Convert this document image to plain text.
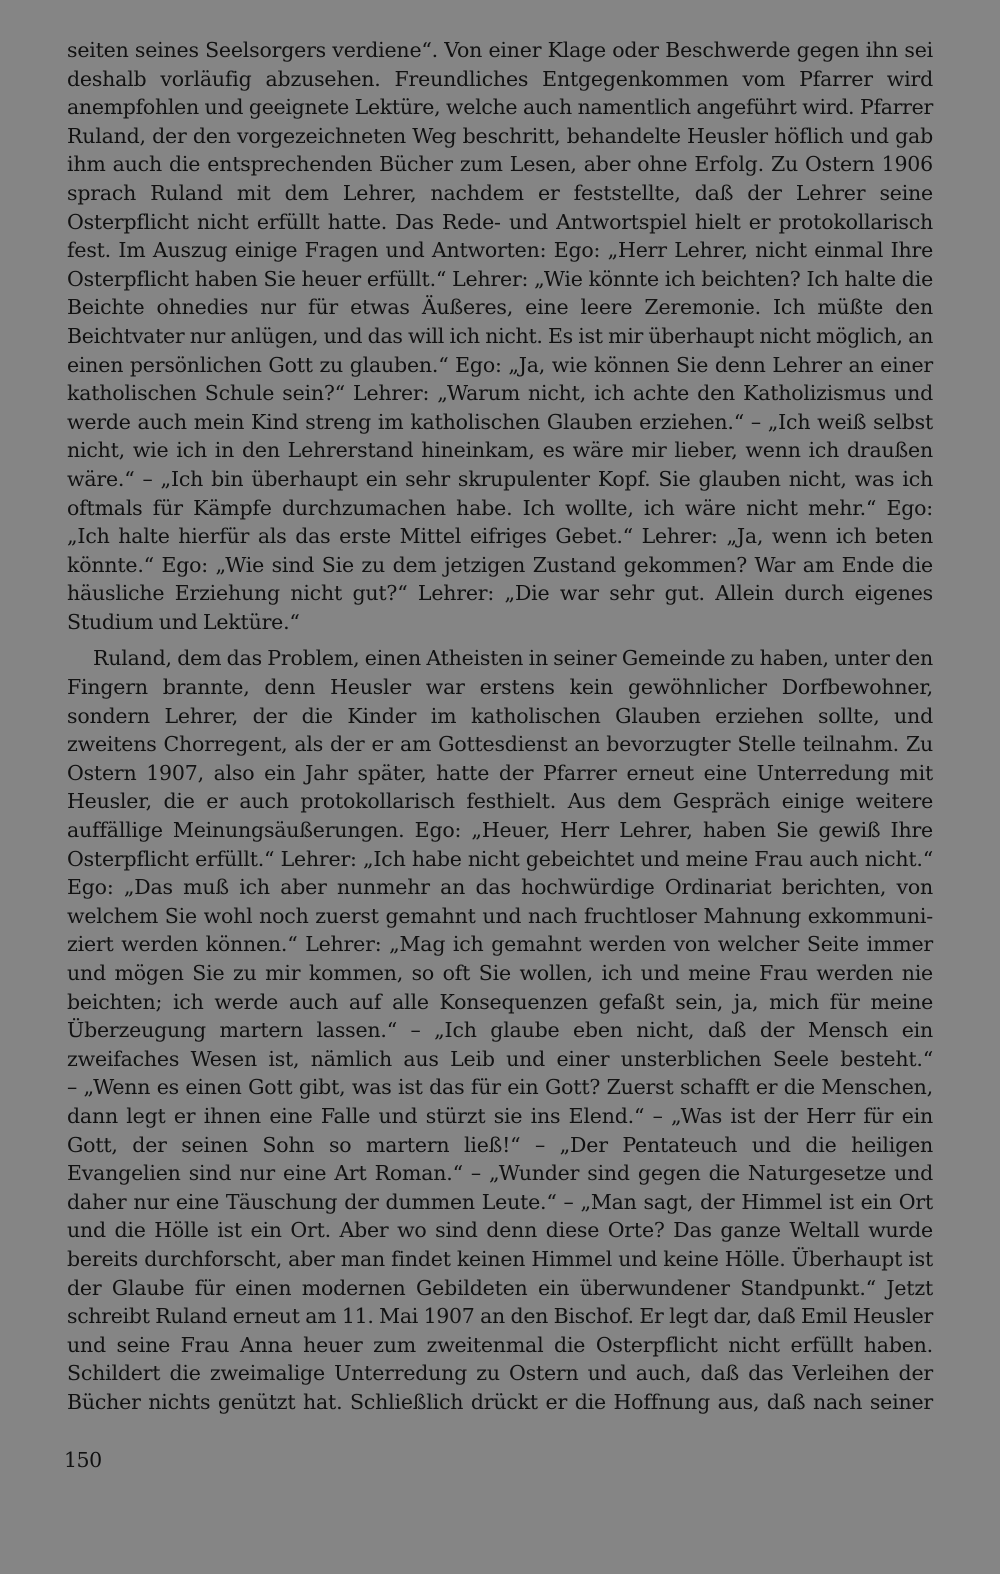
seiten seines Seelsorgers verdiene“. Von einer Klage oder Beschwerde gegen ihn sei
deshalb vorläufig abzusehen. Freundliches Entgegenkommen vom Pfarrer wird
anempfohlen und geeignete Lektüre, welche auch namentlich angeführt wird. Pfarrer
Ruland, der den vorgezeichneten Weg beschritt, behandelte Heusler höflich und gab
ihm auch die entsprechenden Bücher zum Lesen, aber ohne Erfolg. Zu Ostern 1906
sprach Ruland mit dem Lehrer, nachdem er feststellte, daß der Lehrer seine
Osterpflicht nicht erfüllt hatte. Das Rede- und Antwortspiel hielt er protokollarisch
fest. Im Auszug einige Fragen und Antworten: Ego: „Herr Lehrer, nicht einmal Ihre
Osterpflicht haben Sie heuer erfüllt.“ Lehrer: „Wie könnte ich beichten? Ich halte die
Beichte ohnedies nur für etwas Äußeres, eine leere Zeremonie. Ich müßte den
Beichtvater nur anlügen, und das will ich nicht. Es ist mir überhaupt nicht möglich, an
einen persönlichen Gott zu glauben.“ Ego: „Ja, wie können Sie denn Lehrer an einer
katholischen Schule sein?“ Lehrer: „Warum nicht, ich achte den Katholizismus und
werde auch mein Kind streng im katholischen Glauben erziehen.“ – „Ich weiß selbst
nicht, wie ich in den Lehrerstand hineinkam, es wäre mir lieber, wenn ich draußen
wäre.“ – „Ich bin überhaupt ein sehr skrupulenter Kopf. Sie glauben nicht, was ich
oftmals für Kämpfe durchzumachen habe. Ich wollte, ich wäre nicht mehr.“ Ego:
„Ich halte hierfür als das erste Mittel eifriges Gebet.“ Lehrer: „Ja, wenn ich beten
könnte.“ Ego: „Wie sind Sie zu dem jetzigen Zustand gekommen? War am Ende die
häusliche Erziehung nicht gut?“ Lehrer: „Die war sehr gut. Allein durch eigenes
Studium und Lektüre.“
Ruland, dem das Problem, einen Atheisten in seiner Gemeinde zu haben, unter den
Fingern brannte, denn Heusler war erstens kein gewöhnlicher Dorfbewohner,
sondern Lehrer, der die Kinder im katholischen Glauben erziehen sollte, und
zweitens Chorregent, als der er am Gottesdienst an bevorzugter Stelle teilnahm. Zu
Ostern 1907, also ein Jahr später, hatte der Pfarrer erneut eine Unterredung mit
Heusler, die er auch protokollarisch festhielt. Aus dem Gespräch einige weitere
auffällige Meinungsäußerungen. Ego: „Heuer, Herr Lehrer, haben Sie gewiß Ihre
Osterpflicht erfüllt.“ Lehrer: „Ich habe nicht gebeichtet und meine Frau auch nicht.“
Ego: „Das muß ich aber nunmehr an das hochwürdige Ordinariat berichten, von
welchem Sie wohl noch zuerst gemahnt und nach fruchtloser Mahnung exkommuni-
ziert werden können.“ Lehrer: „Mag ich gemahnt werden von welcher Seite immer
und mögen Sie zu mir kommen, so oft Sie wollen, ich und meine Frau werden nie
beichten; ich werde auch auf alle Konsequenzen gefaßt sein, ja, mich für meine
Überzeugung martern lassen.“ – „Ich glaube eben nicht, daß der Mensch ein
zweifaches Wesen ist, nämlich aus Leib und einer unsterblichen Seele besteht.“
– „Wenn es einen Gott gibt, was ist das für ein Gott? Zuerst schafft er die Menschen,
dann legt er ihnen eine Falle und stürzt sie ins Elend.“ – „Was ist der Herr für ein
Gott, der seinen Sohn so martern ließ!“ – „Der Pentateuch und die heiligen
Evangelien sind nur eine Art Roman.“ – „Wunder sind gegen die Naturgesetze und
daher nur eine Täuschung der dummen Leute.“ – „Man sagt, der Himmel ist ein Ort
und die Hölle ist ein Ort. Aber wo sind denn diese Orte? Das ganze Weltall wurde
bereits durchforscht, aber man findet keinen Himmel und keine Hölle. Überhaupt ist
der Glaube für einen modernen Gebildeten ein überwundener Standpunkt.“ Jetzt
schreibt Ruland erneut am 11. Mai 1907 an den Bischof. Er legt dar, daß Emil Heusler
und seine Frau Anna heuer zum zweitenmal die Osterpflicht nicht erfüllt haben.
Schildert die zweimalige Unterredung zu Ostern und auch, daß das Verleihen der
Bücher nichts genützt hat. Schließlich drückt er die Hoffnung aus, daß nach seiner
150
